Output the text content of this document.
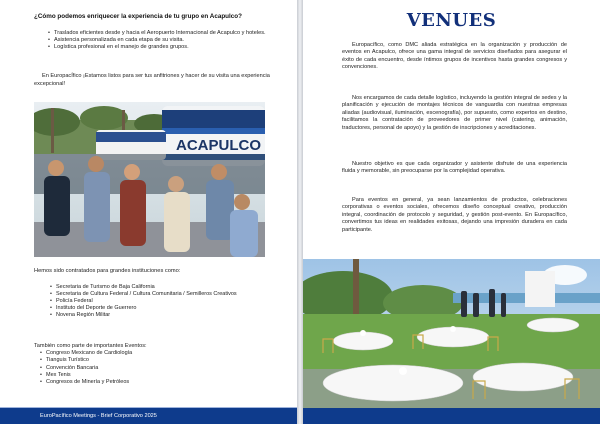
¿Cómo podemos enriquecer la experiencia de tu grupo en Acapulco?
• Traslados eficientes desde y hacia el Aeropuerto Internacional de Acapulco y hoteles.
• Asistencia personalizada en cada etapa de su visita.
• Logística profesional en el manejo de grandes grupos.
En EuropacÍfico ¡Estamos listos para ser tus anfitriones y hacer de su visita una experiencia excepcional!
ACAPULCO
Hemos sido contratados para grandes instituciones como:
• Secretaria de Turismo de Baja California
• Secretaria de Cultura Federal / Cultura Comunitaria / Semilleros Creativos
• Policía Federal
• Instituto del Deporte de Guerrero
• Novena Región Militar
También como parte de importantes Eventos:
• Congreso Mexicano de Cardiología
• Tianguis Turístico
• Convención Bancaria
• Mex Tenis
• Congresos de Minería y Petróleos
EuroPacífico Meetings - Brief Corporativo 2025
VENUES

Europacífico, como DMC aliada estratégica en la organización y producción de eventos en Acapulco, ofrece una gama integral de servicios diseñados para asegurar el éxito de cada encuentro, desde íntimos grupos de incentivos hasta grandes congresos y convenciones.

Nos encargamos de cada detalle logístico, incluyendo la gestión integral de sedes y la planificación y ejecución de montajes técnicos de vanguardia con nuestras empresas aliadas (audiovisual, iluminación, escenografía), por supuesto, como expertos en destino, facilitamos la contratación de proveedores de primer nivel (catering, animación, traductores, personal de apoyo) y la gestión de inscripciones y acreditaciones.

Nuestro objetivo es que cada organizador y asistente disfrute de una experiencia fluida y memorable, sin preocuparse por la complejidad operativa.

Para eventos en general, ya sean lanzamientos de productos, celebraciones corporativas o eventos sociales, ofrecemos diseño conceptual creativo, producción integral, coordinación de protocolo y seguridad, y gestión post-evento. En Europacífico, convertimos tus ideas en realidades exitosas, dejando una impresión duradera en cada participante.
